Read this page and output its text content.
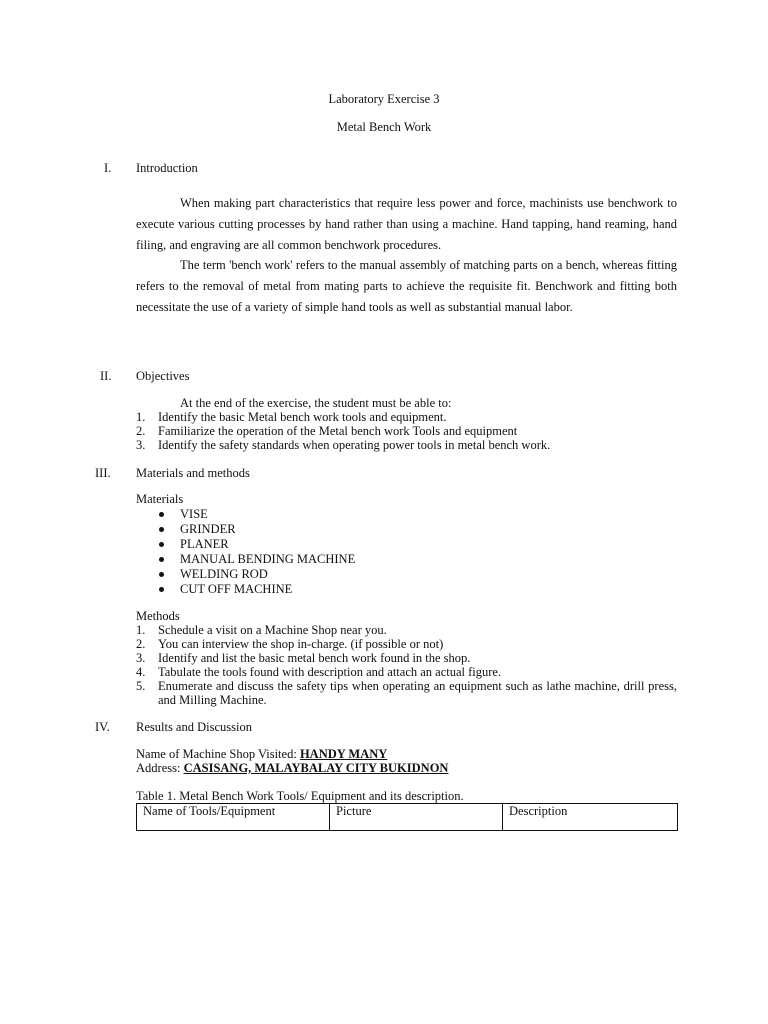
Laboratory Exercise 3
Metal Bench Work
I. Introduction
When making part characteristics that require less power and force, machinists use benchwork to execute various cutting processes by hand rather than using a machine. Hand tapping, hand reaming, hand filing, and engraving are all common benchwork procedures.
The term 'bench work' refers to the manual assembly of matching parts on a bench, whereas fitting refers to the removal of metal from mating parts to achieve the requisite fit. Benchwork and fitting both necessitate the use of a variety of simple hand tools as well as substantial manual labor.
II. Objectives
At the end of the exercise, the student must be able to:
1. Identify the basic Metal bench work tools and equipment.
2. Familiarize the operation of the Metal bench work Tools and equipment
3. Identify the safety standards when operating power tools in metal bench work.
III. Materials and methods
Materials
VISE
GRINDER
PLANER
MANUAL BENDING MACHINE
WELDING ROD
CUT OFF MACHINE
Methods
1. Schedule a visit on a Machine Shop near you.
2. You can interview the shop in-charge. (if possible or not)
3. Identify and list the basic metal bench work found in the shop.
4. Tabulate the tools found with description and attach an actual figure.
5. Enumerate and discuss the safety tips when operating an equipment such as lathe machine, drill press, and Milling Machine.
IV. Results and Discussion
Name of Machine Shop Visited: HANDY MANY
Address: CASISANG, MALAYBALAY CITY BUKIDNON
Table 1. Metal Bench Work Tools/ Equipment and its description.
Name of Tools/Equipment	Picture	Description
